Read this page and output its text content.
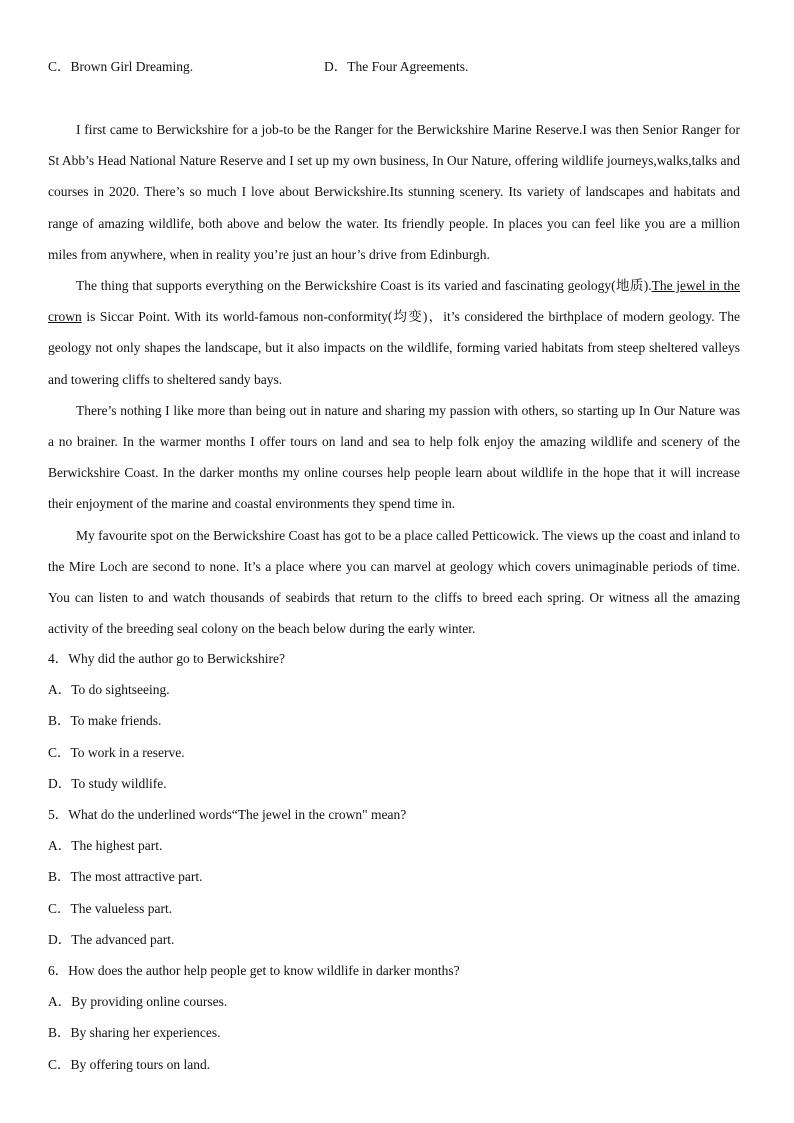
C．Brown Girl Dreaming.	D．The Four Agreements.

I first came to Berwickshire for a job-to be the Ranger for the Berwickshire Marine Reserve.I was then Senior Ranger for St Abb’s Head National Nature Reserve and I set up my own business, In Our Nature, offering wildlife journeys,walks,talks and courses in 2020. There’s so much I love about Berwickshire.Its stunning scenery. Its variety of landscapes and habitats and range of amazing wildlife, both above and below the water. Its friendly people. In places you can feel like you are a million miles from anywhere, when in reality you’re just an hour’s drive from Edinburgh.

The thing that supports everything on the Berwickshire Coast is its varied and fascinating geology(地质).The jewel in the crown is Siccar Point. With its world-famous non-conformity(均变)，it’s considered the birthplace of modern geology. The geology not only shapes the landscape, but it also impacts on the wildlife, forming varied habitats from steep sheltered valleys and towering cliffs to sheltered sandy bays.

There’s nothing I like more than being out in nature and sharing my passion with others, so starting up In Our Nature was a no brainer. In the warmer months I offer tours on land and sea to help folk enjoy the amazing wildlife and scenery of the Berwickshire Coast. In the darker months my online courses help people learn about wildlife in the hope that it will increase their enjoyment of the marine and coastal environments they spend time in.

My favourite spot on the Berwickshire Coast has got to be a place called Petticowick. The views up the coast and inland to the Mire Loch are second to none. It’s a place where you can marvel at geology which covers unimaginable periods of time. You can listen to and watch thousands of seabirds that return to the cliffs to breed each spring. Or witness all the amazing activity of the breeding seal colony on the beach below during the early winter.

4．Why did the author go to Berwickshire?
A．To do sightseeing.
B．To make friends.
C．To work in a reserve.
D．To study wildlife.
5．What do the underlined words“The jewel in the crown" mean?
A．The highest part.
B．The most attractive part.
C．The valueless part.
D．The advanced part.
6．How does the author help people get to know wildlife in darker months?
A．By providing online courses.
B．By sharing her experiences.
C．By offering tours on land.
